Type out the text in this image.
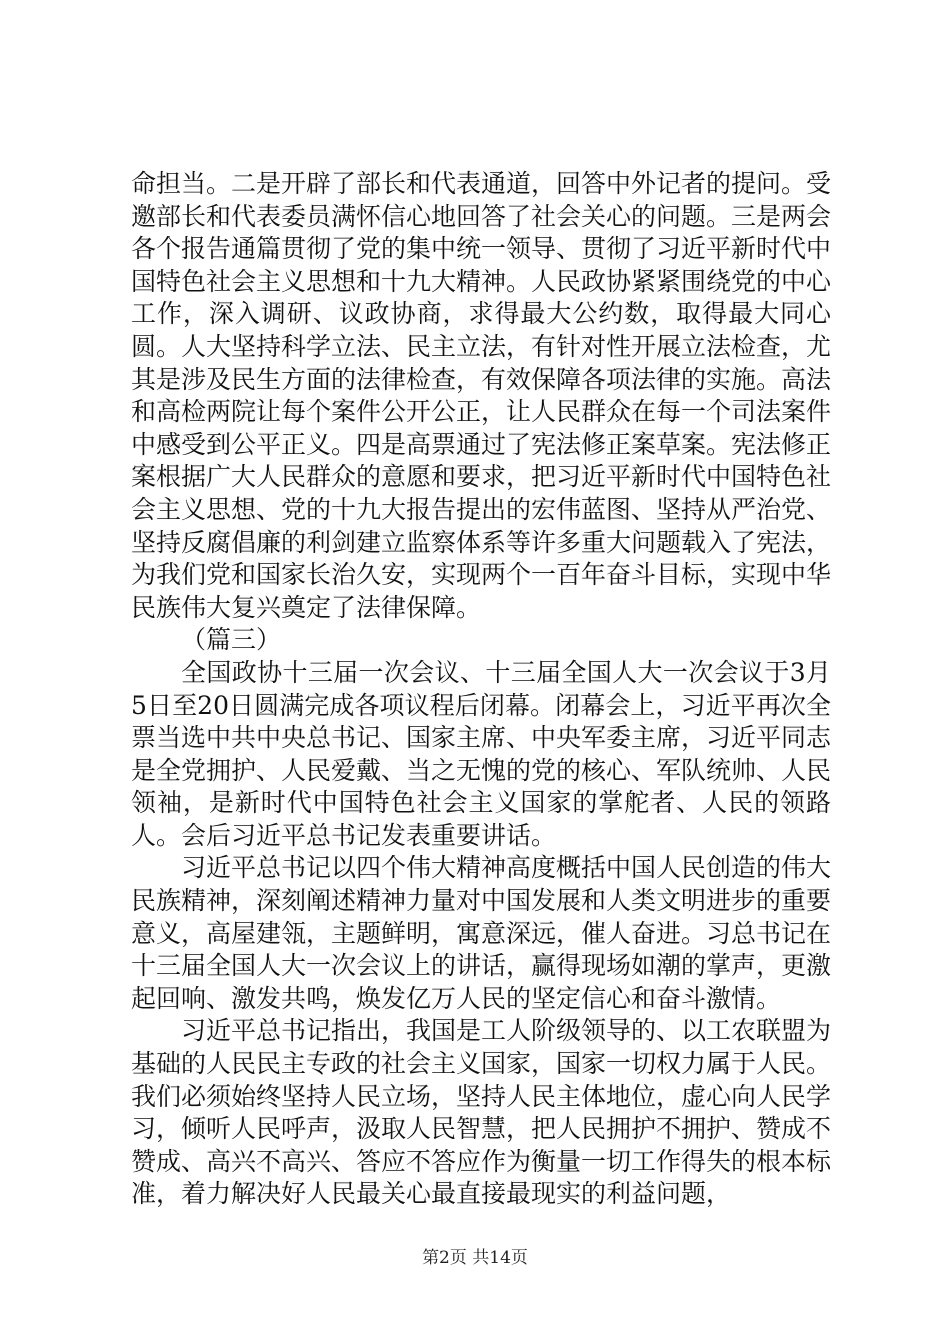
命担当。二是开辟了部长和代表通道，回答中外记者的提问。受邀部长和代表委员满怀信心地回答了社会关心的问题。三是两会各个报告通篇贯彻了党的集中统一领导、贯彻了习近平新时代中国特色社会主义思想和十九大精神。人民政协紧紧围绕党的中心工作，深入调研、议政协商，求得最大公约数，取得最大同心圆。人大坚持科学立法、民主立法，有针对性开展立法检查，尤其是涉及民生方面的法律检查，有效保障各项法律的实施。高法和高检两院让每个案件公开公正，让人民群众在每一个司法案件中感受到公平正义。四是高票通过了宪法修正案草案。宪法修正案根据广大人民群众的意愿和要求，把习近平新时代中国特色社会主义思想、党的十九大报告提出的宏伟蓝图、坚持从严治党、坚持反腐倡廉的利剑建立监察体系等许多重大问题载入了宪法，为我们党和国家长治久安，实现两个一百年奋斗目标，实现中华民族伟大复兴奠定了法律保障。

（篇三）

全国政协十三届一次会议、十三届全国人大一次会议于3月5日至20日圆满完成各项议程后闭幕。闭幕会上，习近平再次全票当选中共中央总书记、国家主席、中央军委主席，习近平同志是全党拥护、人民爱戴、当之无愧的党的核心、军队统帅、人民领袖，是新时代中国特色社会主义国家的掌舵者、人民的领路人。会后习近平总书记发表重要讲话。

习近平总书记以四个伟大精神高度概括中国人民创造的伟大民族精神，深刻阐述精神力量对中国发展和人类文明进步的重要意义，高屋建瓴，主题鲜明，寓意深远，催人奋进。习总书记在十三届全国人大一次会议上的讲话，赢得现场如潮的掌声，更激起回响、激发共鸣，焕发亿万人民的坚定信心和奋斗激情。

习近平总书记指出，我国是工人阶级领导的、以工农联盟为基础的人民民主专政的社会主义国家，国家一切权力属于人民。我们必须始终坚持人民立场，坚持人民主体地位，虚心向人民学习，倾听人民呼声，汲取人民智慧，把人民拥护不拥护、赞成不赞成、高兴不高兴、答应不答应作为衡量一切工作得失的根本标准，着力解决好人民最关心最直接最现实的利益问题，

第2页 共14页
